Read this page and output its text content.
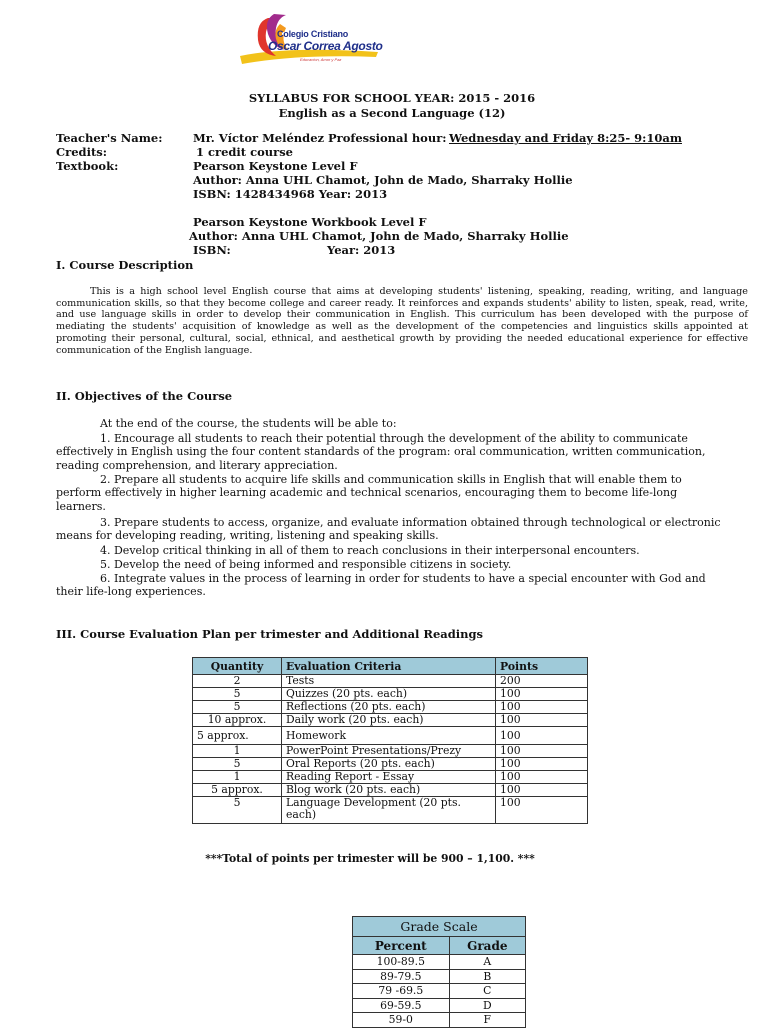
Colegio Cristiano
Oscar Correa Agosto
Educacion, Amor y Paz
SYLLABUS FOR SCHOOL YEAR: 2015 - 2016
English as a Second Language (12)
Teacher's Name:	Mr. Víctor Meléndez Professional hour: Wednesday and Friday 8:25- 9:10am
Credits:	1 credit course
Textbook:	Pearson Keystone Level F
Author: Anna UHL Chamot, John de Mado, Sharraky Hollie
ISBN: 1428434968 Year: 2013
Pearson Keystone Workbook Level F
Author: Anna UHL Chamot, John de Mado, Sharraky Hollie
ISBN:	Year: 2013
I. Course Description
This is a high school level English course that aims at developing students' listening, speaking, reading, writing, and language communication skills, so that they become college and career ready. It reinforces and expands students' ability to listen, speak, read, write, and use language skills in order to develop their communication in English. This curriculum has been developed with the purpose of mediating the students' acquisition of knowledge as well as the development of the competencies and linguistics skills appointed at promoting their personal, cultural, social, ethnical, and aesthetical growth by providing the needed educational experience for effective communication of the English language.
II. Objectives of the Course
At the end of the course, the students will be able to:
1. Encourage all students to reach their potential through the development of the ability to communicate effectively in English using the four content standards of the program: oral communication, written communication, reading comprehension, and literary appreciation.
2. Prepare all students to acquire life skills and communication skills in English that will enable them to perform effectively in higher learning academic and technical scenarios, encouraging them to become life-long learners.
3. Prepare students to access, organize, and evaluate information obtained through technological or electronic means for developing reading, writing, listening and speaking skills.
4. Develop critical thinking in all of them to reach conclusions in their interpersonal encounters.
5. Develop the need of being informed and responsible citizens in society.
6. Integrate values in the process of learning in order for students to have a special encounter with God and their life-long experiences.
III. Course Evaluation Plan per trimester and Additional Readings
Quantity	Evaluation Criteria	Points
2	Tests	200
5	Quizzes (20 pts. each)	100
5	Reflections (20 pts. each)	100
10 approx.	Daily work (20 pts. each)	100
5 approx.	Homework	100
1	PowerPoint Presentations/Prezy	100
5	Oral Reports (20 pts. each)	100
1	Reading Report - Essay	100
5 approx.	Blog work (20 pts. each)	100
5	Language Development (20 pts. each)	100
***Total of points per trimester will be 900 – 1,100. ***
Grade Scale	
Percent	Grade
100-89.5	A
89-79.5	B
79 -69.5	C
69-59.5	D
59-0	F
